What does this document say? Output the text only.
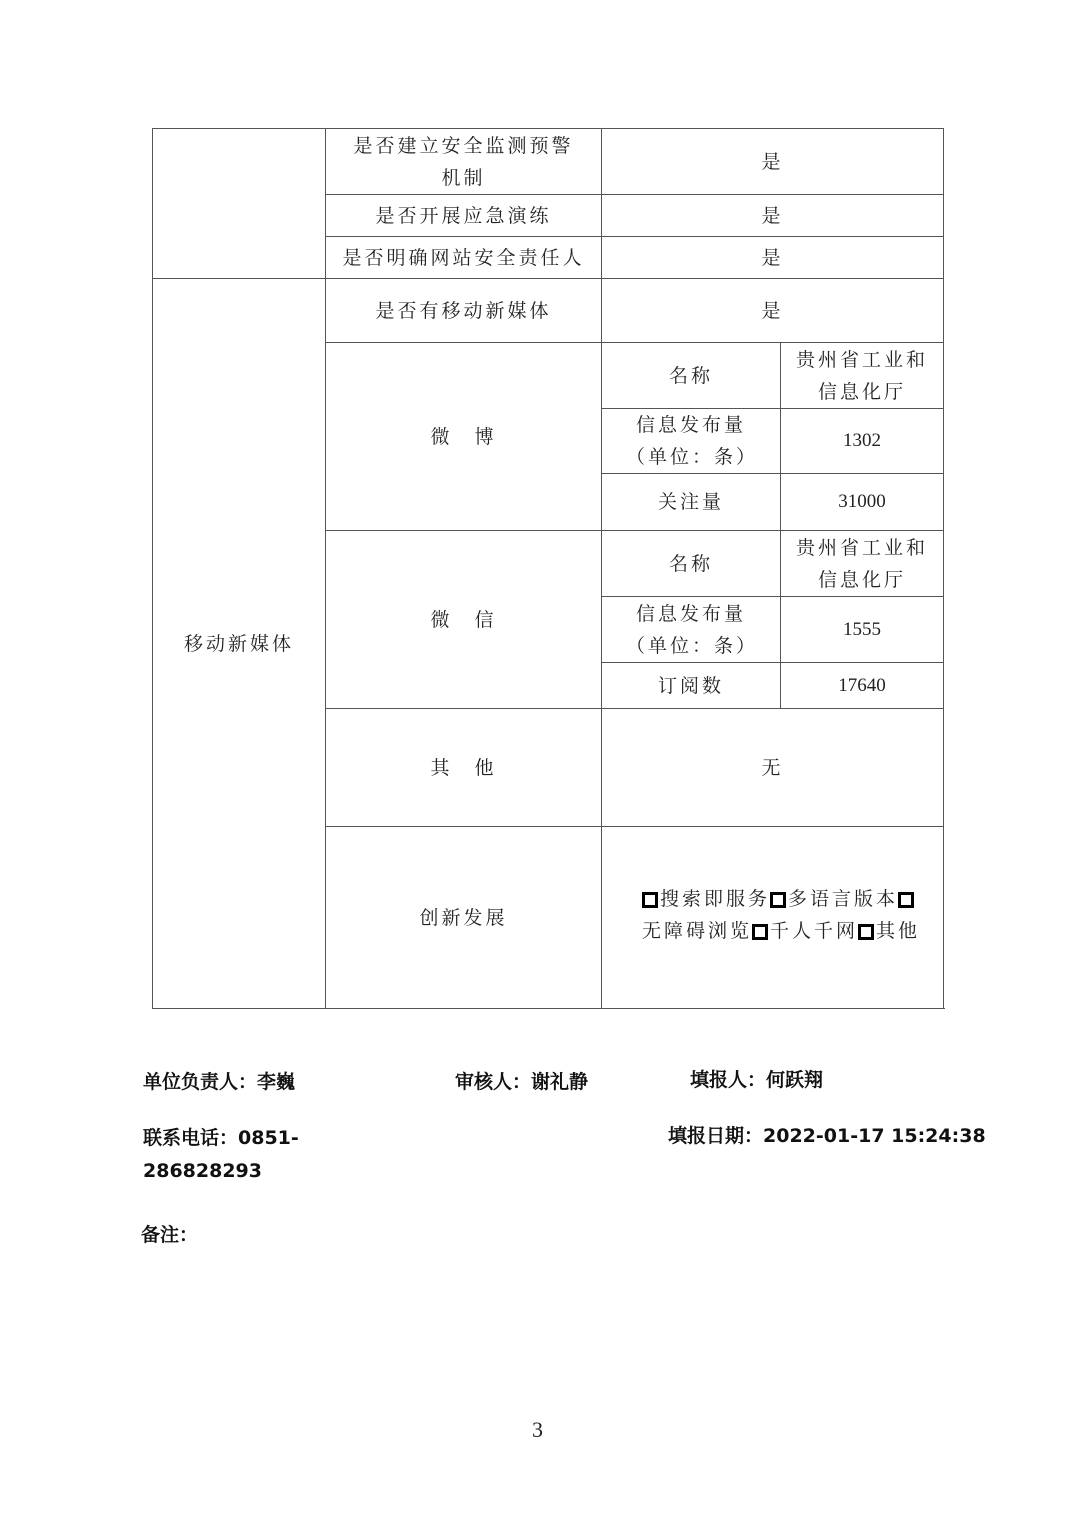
	是否建立安全监测预警机制	是	
	是否开展应急演练	是	
	是否明确网站安全责任人	是	
移动新媒体	是否有移动新媒体	是	
	微　博	名称	贵州省工业和信息化厅
		信息发布量（单位：条）	1302
		关注量	31000
	微　信	名称	贵州省工业和信息化厅
		信息发布量（单位：条）	1555
		订阅数	17640
	其　他	无	
	创新发展	搜索即服务 多语言版本无障碍浏览 千人千网 其他	
单位负责人：李巍	审核人：谢礼静	填报人：何跃翔
联系电话：0851-
286828293
填报日期：2022-01-17 15:24:38
备注：
3
